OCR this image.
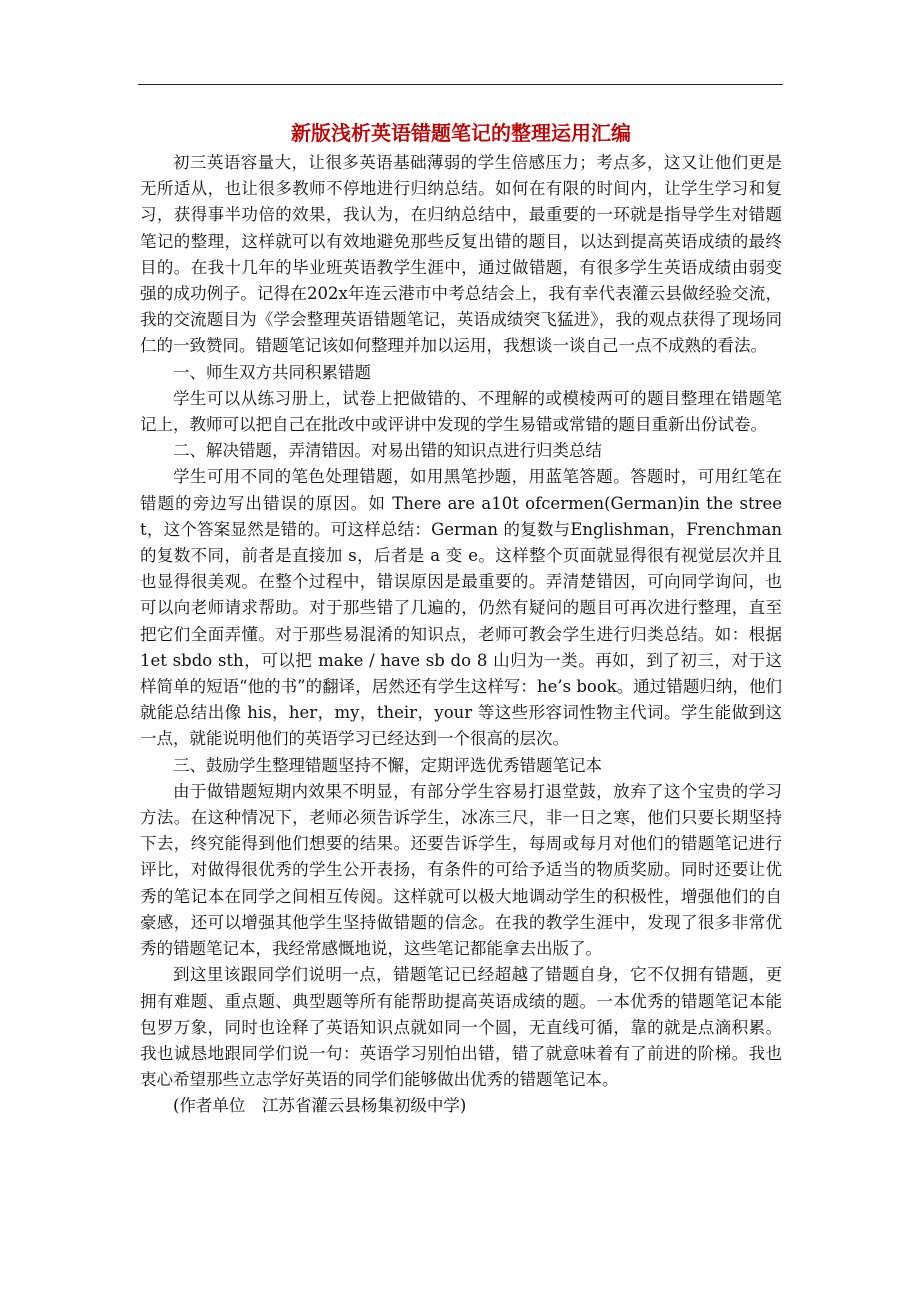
新版浅析英语错题笔记的整理运用汇编

初三英语容量大，让很多英语基础薄弱的学生倍感压力；考点多，这又让他们更是无所适从，也让很多教师不停地进行归纳总结。如何在有限的时间内，让学生学习和复习，获得事半功倍的效果，我认为，在归纳总结中，最重要的一环就是指导学生对错题笔记的整理，这样就可以有效地避免那些反复出错的题目，以达到提高英语成绩的最终目的。在我十几年的毕业班英语教学生涯中，通过做错题，有很多学生英语成绩由弱变强的成功例子。记得在202x年连云港市中考总结会上，我有幸代表灌云县做经验交流，我的交流题目为《学会整理英语错题笔记，英语成绩突飞猛进》，我的观点获得了现场同仁的一致赞同。错题笔记该如何整理并加以运用，我想谈一谈自己一点不成熟的看法。

一、师生双方共同积累错题

学生可以从练习册上，试卷上把做错的、不理解的或模棱两可的题目整理在错题笔记上，教师可以把自己在批改中或评讲中发现的学生易错或常错的题目重新出份试卷。

二、解决错题，弄清错因。对易出错的知识点进行归类总结

学生可用不同的笔色处理错题，如用黑笔抄题，用蓝笔答题。答题时，可用红笔在错题的旁边写出错误的原因。如 There are a10t ofcermen(German)in the street，这个答案显然是错的。可这样总结：German 的复数与Englishman，Frenchman 的复数不同，前者是直接加 s，后者是 a 变 e。这样整个页面就显得很有视觉层次并且也显得很美观。在整个过程中，错误原因是最重要的。弄清楚错因，可向同学询问，也可以向老师请求帮助。对于那些错了几遍的，仍然有疑问的题目可再次进行整理，直至把它们全面弄懂。对于那些易混淆的知识点，老师可教会学生进行归类总结。如：根据 1et sbdo sth，可以把 make / have sb do 8 山归为一类。再如，到了初三，对于这样简单的短语“他的书”的翻译，居然还有学生这样写：he’s book。通过错题归纳，他们就能总结出像 his，her，my，their，your 等这些形容词性物主代词。学生能做到这一点，就能说明他们的英语学习已经达到一个很高的层次。

三、鼓励学生整理错题坚持不懈，定期评选优秀错题笔记本

由于做错题短期内效果不明显，有部分学生容易打退堂鼓，放弃了这个宝贵的学习方法。在这种情况下，老师必须告诉学生，冰冻三尺，非一日之寒，他们只要长期坚持下去，终究能得到他们想要的结果。还要告诉学生，每周或每月对他们的错题笔记进行评比，对做得很优秀的学生公开表扬，有条件的可给予适当的物质奖励。同时还要让优秀的笔记本在同学之间相互传阅。这样就可以极大地调动学生的积极性，增强他们的自豪感，还可以增强其他学生坚持做错题的信念。在我的教学生涯中，发现了很多非常优秀的错题笔记本，我经常感慨地说，这些笔记都能拿去出版了。

到这里该跟同学们说明一点，错题笔记已经超越了错题自身，它不仅拥有错题，更拥有难题、重点题、典型题等所有能帮助提高英语成绩的题。一本优秀的错题笔记本能包罗万象，同时也诠释了英语知识点就如同一个圆，无直线可循，靠的就是点滴积累。我也诚恳地跟同学们说一句：英语学习别怕出错，错了就意味着有了前进的阶梯。我也衷心希望那些立志学好英语的同学们能够做出优秀的错题笔记本。

(作者单位　江苏省灌云县杨集初级中学)
